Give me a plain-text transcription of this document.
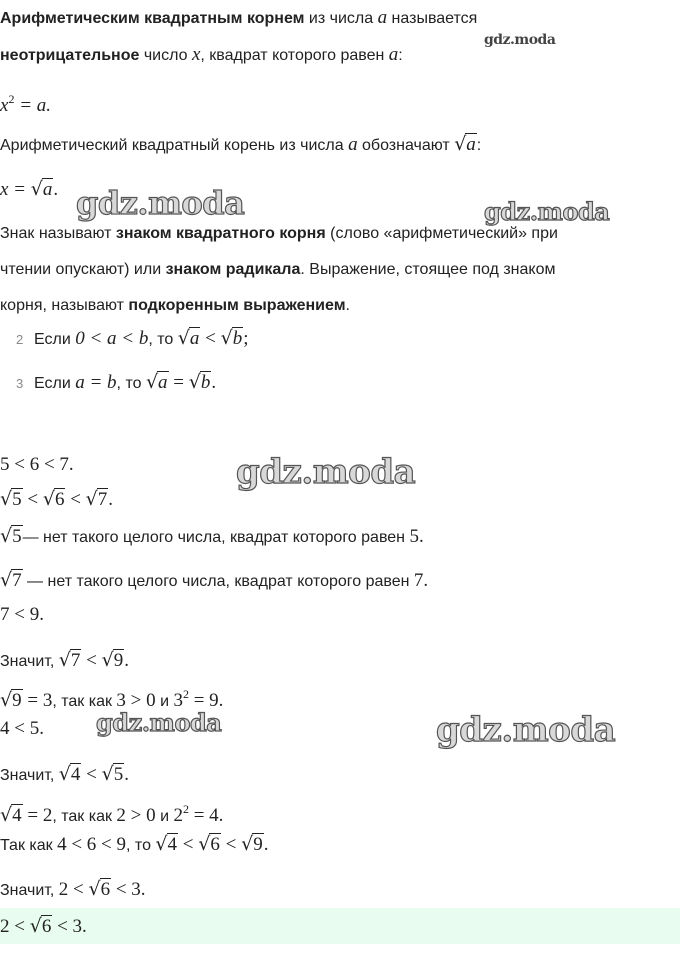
Арифметическим квадратным корнем из числа a называется
неотрицательное число x, квадрат которого равен a:
$x^2 = a$.
Арифметический квадратный корень из числа a обозначают √a:
x = √a.
Знак называют знаком квадратного корня (слово «арифметический» при
чтении опускают) или знаком радикала. Выражение, стоящее под знаком
корня, называют подкоренным выражением.
2 Если 0 < a < b, то √a < √b;
3 Если a = b, то √a = √b.
5 < 6 < 7.
√5 < √6 < √7.
√5— нет такого целого числа, квадрат которого равен 5.
√7 — нет такого целого числа, квадрат которого равен 7.
7 < 9.
Значит, √7 < √9.
√9 = 3, так как 3 > 0 и $3^2 = 9$.
4 < 5.
Значит, √4 < √5.
√4 = 2, так как 2 > 0 и $2^2 = 4$.
Так как 4 < 6 < 9, то √4 < √6 < √9.
Значит, 2 < √6 < 3.
2 < √6 < 3.
gdz.moda
gdz.moda	gdz.moda
gdz.moda
gdz.moda	gdz.moda
